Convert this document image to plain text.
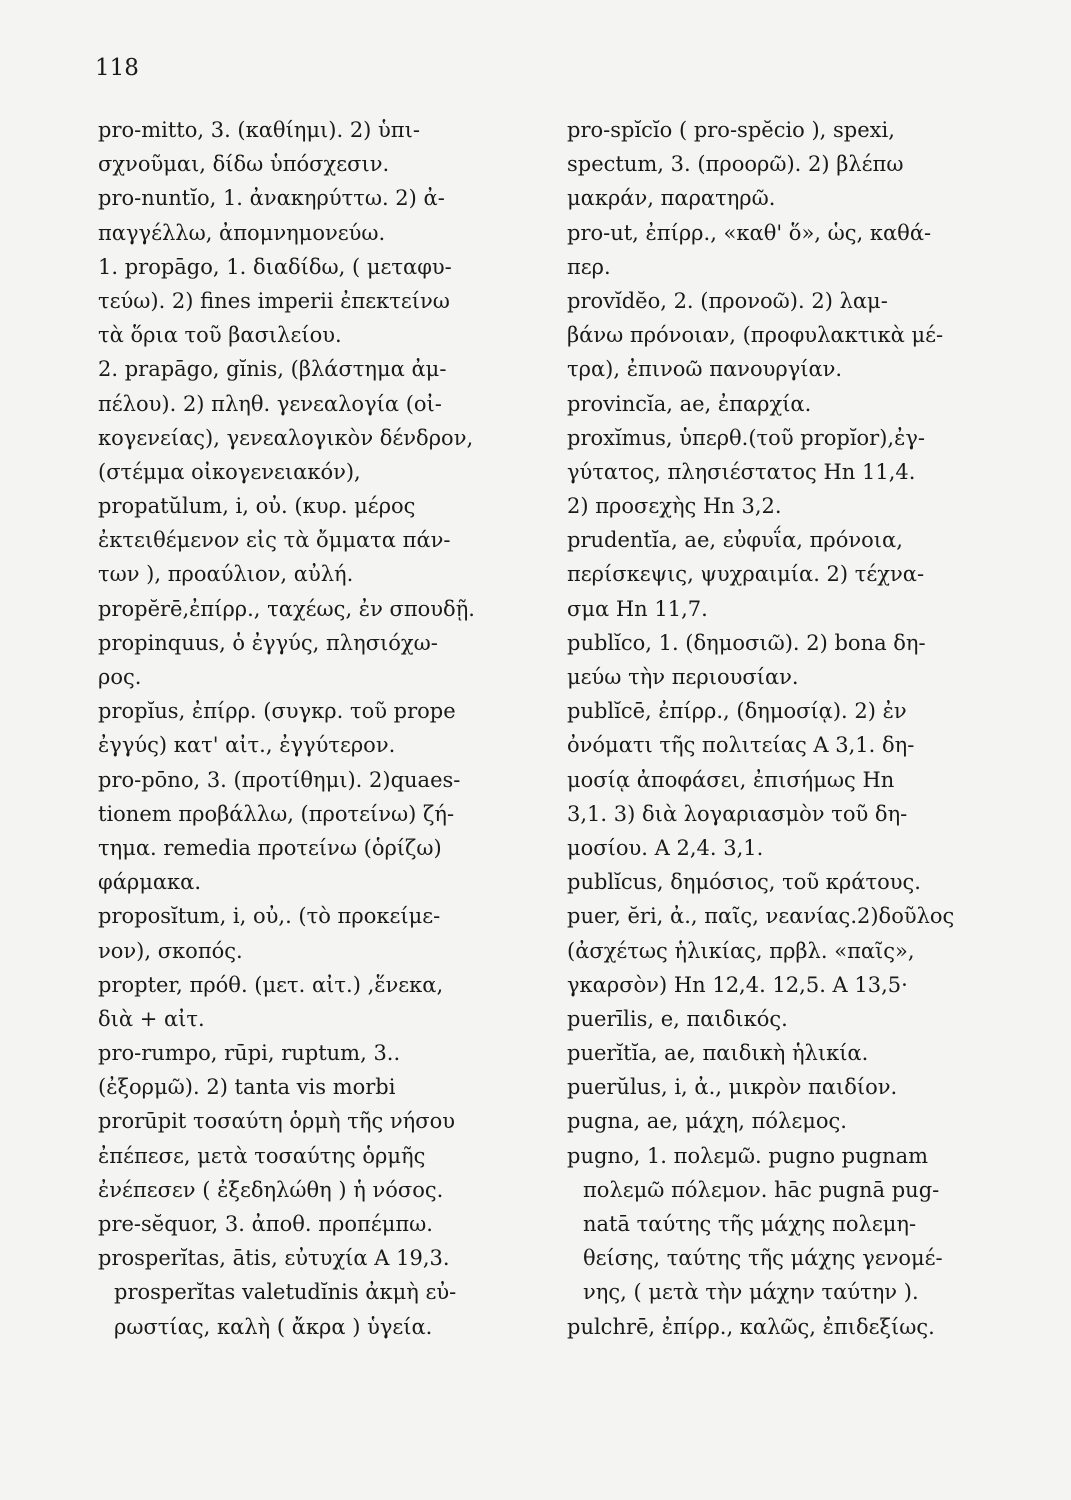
118
pro-mitto, 3. (καθίημι). 2) ὑπι-
σχνοῦμαι, δίδω ὑπόσχεσιν.
pro-nuntĭo, 1. ἀνακηρύττω. 2) ἀ-
παγγέλλω, ἀπομνημονεύω.
1. propāgo, 1. διαδίδω, ( μεταφυ-
τεύω). 2) fines imperii ἐπεκτείνω
τὰ ὅρια τοῦ βασιλείου.
2. prapāgo, gĭnis, (βλάστημα ἀμ-
πέλου). 2) πληθ. γενεαλογία (οἰ-
κογενείας), γενεαλογικὸν δένδρον,
(στέμμα οἰκογενειακόν),
propatŭlum, i, οὐ. (κυρ. μέρος
ἐκτειθέμενον εἰς τὰ ὄμματα πάν-
των ), προαύλιον, αὐλή.
propĕrē,ἐπίρρ., ταχέως, ἐν σπουδῇ.
propinquus, ὁ ἐγγύς, πλησιόχω-
ρος.
propĭus, ἐπίρρ. (συγκρ. τοῦ prope
ἐγγύς) κατ' αἰτ., ἐγγύτερον.
pro-pōno, 3. (προτίθημι). 2)quaes-
tionem προβάλλω, (προτείνω) ζή-
τημα. remedia προτείνω (ὁρίζω)
φάρμακα.
proposĭtum, i, οὐ,. (τὸ προκείμε-
νον), σκοπός.
propter, πρόθ. (μετ. αἰτ.) ,ἕνεκα,
διὰ + αἰτ.
pro-rumpo, rūpi, ruptum, 3..
(ἐξορμῶ). 2) tanta vis morbi
prorūpit τοσαύτη ὁρμὴ τῆς νήσου
ἐπέπεσε, μετὰ τοσαύτης ὁρμῆς
ἐνέπεσεν ( ἐξεδηλώθη ) ἡ νόσος.
pre-sĕquor, 3. ἀποθ. προπέμπω.
prosperĭtas, ātis, εὐτυχία A 19,3.
prosperĭtas valetudĭnis ἀκμὴ εὐ-
ρωστίας, καλὴ ( ἄκρα ) ὑγεία.
pro-spĭcĭo ( pro-spĕcio ), spexi,
spectum, 3. (προορῶ). 2) βλέπω
μακράν, παρατηρῶ.
pro-ut, ἐπίρρ., «καθ' ὅ», ὡς, καθά-
περ.
provĭdĕo, 2. (προνοῶ). 2) λαμ-
βάνω πρόνοιαν, (προφυλακτικὰ μέ-
τρα), ἐπινοῶ πανουργίαν.
provincĭa, ae, ἐπαρχία.
proxĭmus, ὑπερθ.(τοῦ propĭor),ἐγ-
γύτατος, πλησιέστατος Hn 11,4.
2) προσεχὴς Hn 3,2.
prudentĭa, ae, εὐφυΐα, πρόνοια,
περίσκεψις, ψυχραιμία. 2) τέχνα-
σμα Hn 11,7.
publĭco, 1. (δημοσιῶ). 2) bona δη-
μεύω τὴν περιουσίαν.
publĭcē, ἐπίρρ., (δημοσίᾳ). 2) ἐν
ὀνόματι τῆς πολιτείας A 3,1. δη-
μοσίᾳ ἀποφάσει, ἐπισήμως Hn
3,1. 3) διὰ λογαριασμὸν τοῦ δη-
μοσίου. A 2,4. 3,1.
publĭcus, δημόσιος, τοῦ κράτους.
puer, ĕri, ἀ., παῖς, νεανίας.2)δοῦλος
(ἀσχέτως ἡλικίας, πρβλ. «παῖς»,
γκαρσὸν) Hn 12,4. 12,5. A 13,5·
puerīlis, e, παιδικός.
puerĭtĭa, ae, παιδικὴ ἡλικία.
puerŭlus, i, ἀ., μικρὸν παιδίον.
pugna, ae, μάχη, πόλεμος.
pugno, 1. πολεμῶ. pugno pugnam
πολεμῶ πόλεμον. hāc pugnā pug-
natā ταύτης τῆς μάχης πολεμη-
θείσης, ταύτης τῆς μάχης γενομέ-
νης, ( μετὰ τὴν μάχην ταύτην ).
pulchrē, ἐπίρρ., καλῶς, ἐπιδεξίως.
